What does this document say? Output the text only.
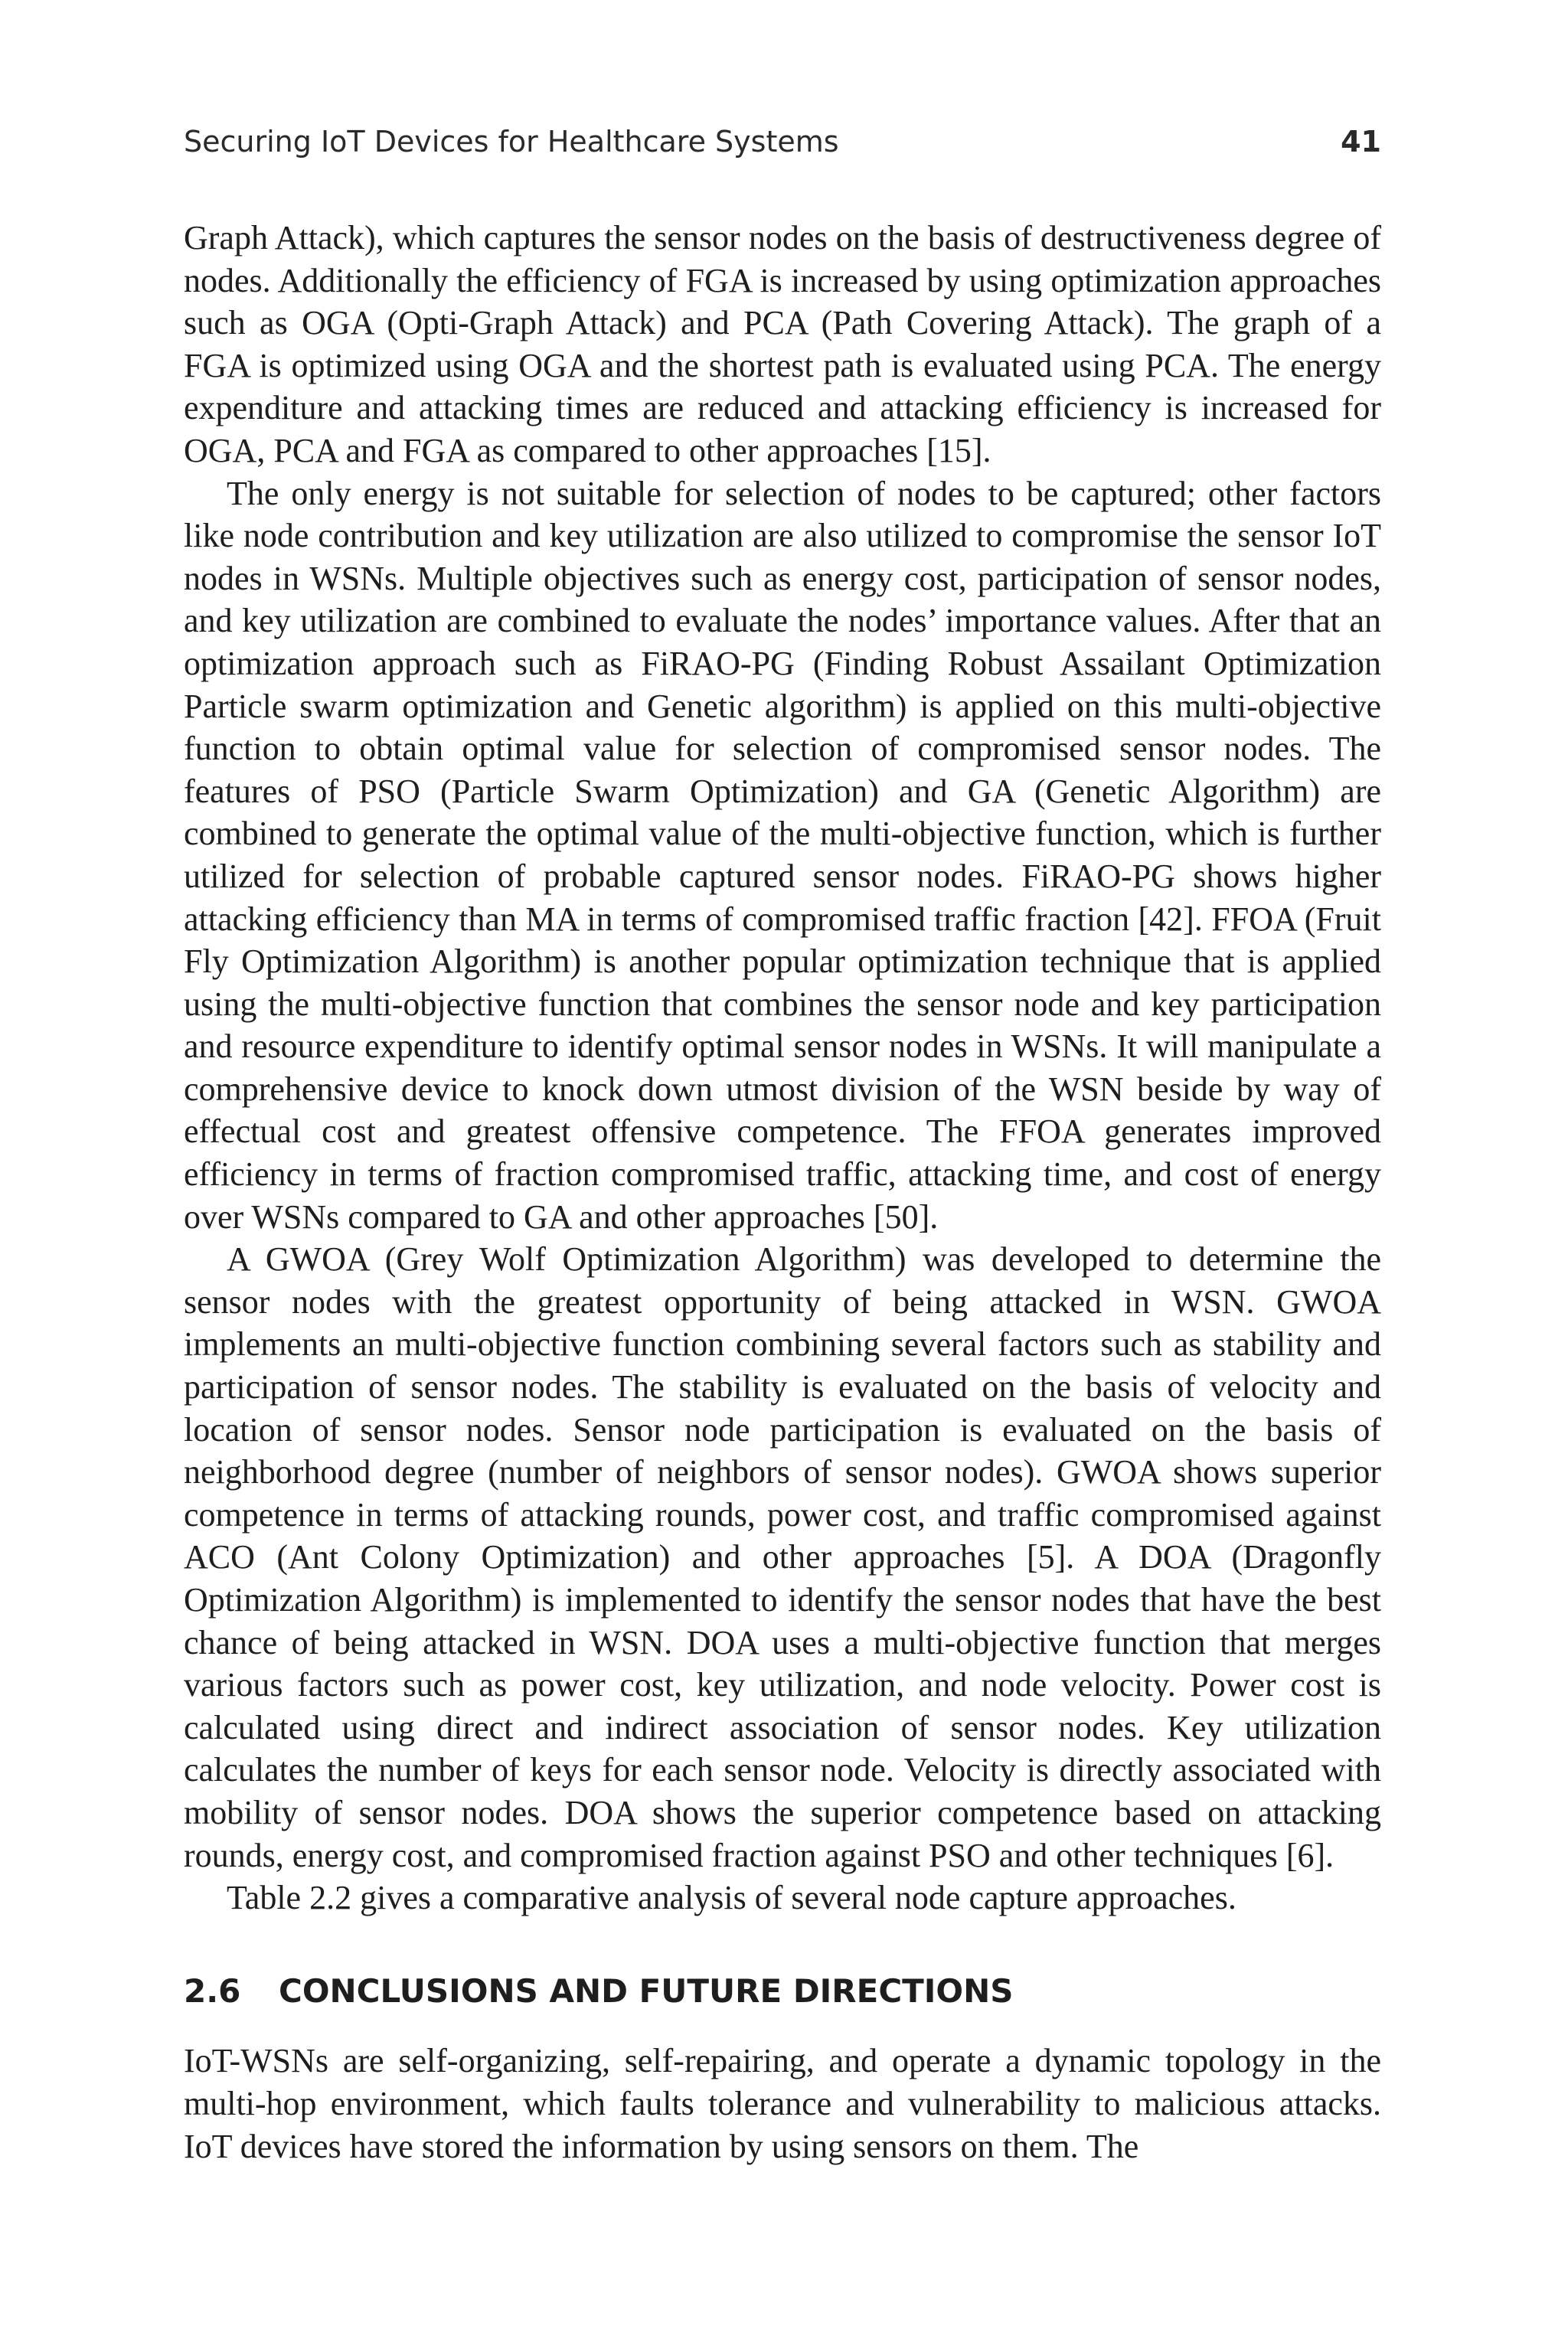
Securing IoT Devices for Healthcare Systems	41

Graph Attack), which captures the sensor nodes on the basis of destructiveness degree of nodes. Additionally the efficiency of FGA is increased by using optimization approaches such as OGA (Opti-Graph Attack) and PCA (Path Covering Attack). The graph of a FGA is optimized using OGA and the shortest path is evaluated using PCA. The energy expenditure and attacking times are reduced and attacking efficiency is increased for OGA, PCA and FGA as compared to other approaches [15].

The only energy is not suitable for selection of nodes to be captured; other factors like node contribution and key utilization are also utilized to compromise the sensor IoT nodes in WSNs. Multiple objectives such as energy cost, participation of sensor nodes, and key utilization are combined to evaluate the nodes’ importance values. After that an optimization approach such as FiRAO-PG (Finding Robust Assailant Optimization Particle swarm optimization and Genetic algorithm) is applied on this multi-objective function to obtain optimal value for selection of compromised sensor nodes. The features of PSO (Particle Swarm Optimization) and GA (Genetic Algorithm) are combined to generate the optimal value of the multi-objective function, which is further utilized for selection of probable captured sensor nodes. FiRAO-PG shows higher attacking efficiency than MA in terms of compromised traffic fraction [42]. FFOA (Fruit Fly Optimization Algorithm) is another popular optimization technique that is applied using the multi-objective function that combines the sensor node and key participation and resource expenditure to identify optimal sensor nodes in WSNs. It will manipulate a comprehensive device to knock down utmost division of the WSN beside by way of effectual cost and greatest offensive competence. The FFOA generates improved efficiency in terms of fraction compromised traffic, attacking time, and cost of energy over WSNs compared to GA and other approaches [50].

A GWOA (Grey Wolf Optimization Algorithm) was developed to determine the sensor nodes with the greatest opportunity of being attacked in WSN. GWOA implements an multi-objective function combining several factors such as stability and participation of sensor nodes. The stability is evaluated on the basis of velocity and location of sensor nodes. Sensor node participation is evaluated on the basis of neighborhood degree (number of neighbors of sensor nodes). GWOA shows superior competence in terms of attacking rounds, power cost, and traffic compromised against ACO (Ant Colony Optimization) and other approaches [5]. A DOA (Dragonfly Optimization Algorithm) is implemented to identify the sensor nodes that have the best chance of being attacked in WSN. DOA uses a multi-objective function that merges various factors such as power cost, key utilization, and node velocity. Power cost is calculated using direct and indirect association of sensor nodes. Key utilization calculates the number of keys for each sensor node. Velocity is directly associated with mobility of sensor nodes. DOA shows the superior competence based on attacking rounds, energy cost, and compromised fraction against PSO and other techniques [6].

Table 2.2 gives a comparative analysis of several node capture approaches.

2.6 CONCLUSIONS AND FUTURE DIRECTIONS

IoT-WSNs are self-organizing, self-repairing, and operate a dynamic topology in the multi-hop environment, which faults tolerance and vulnerability to malicious attacks. IoT devices have stored the information by using sensors on them. The
